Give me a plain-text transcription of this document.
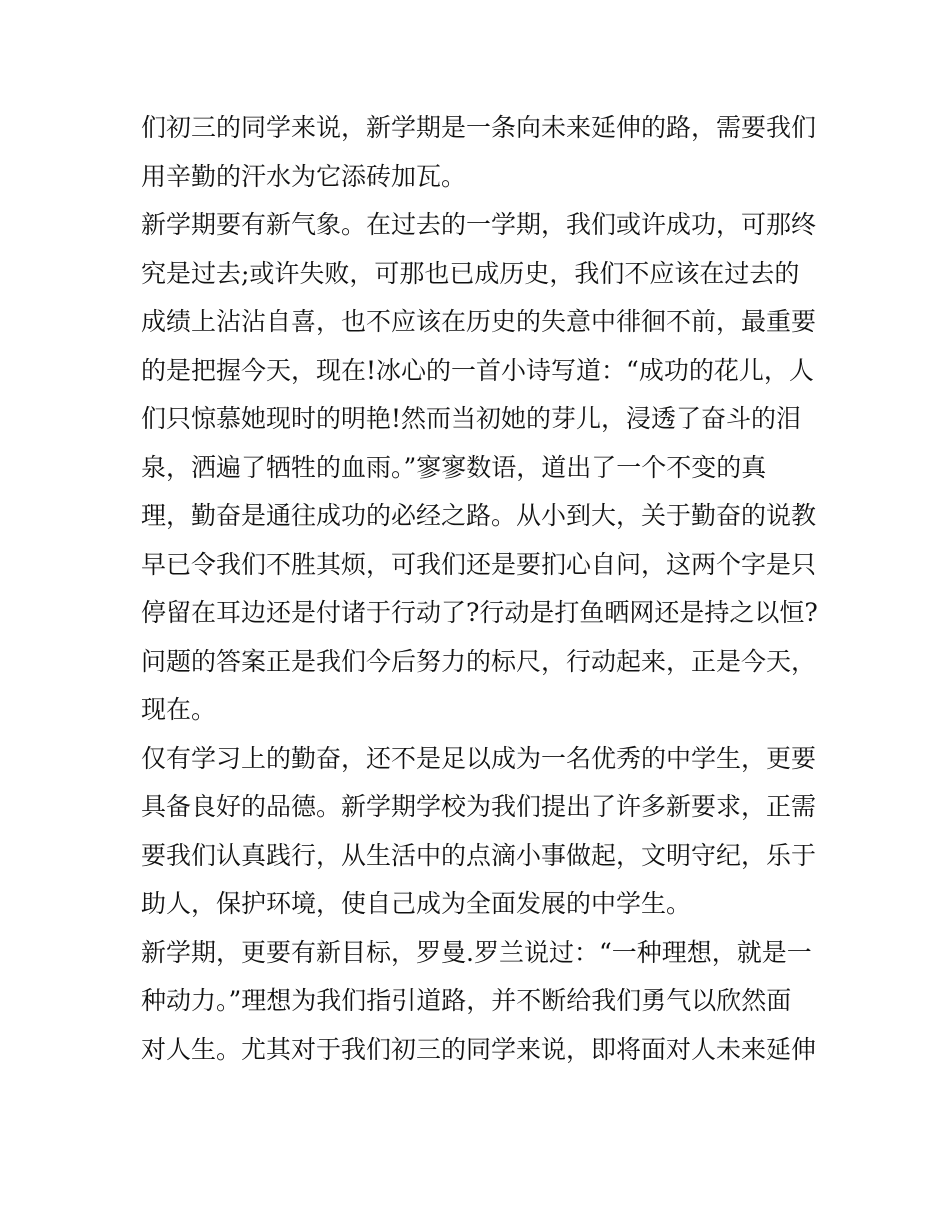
们初三的同学来说，新学期是一条向未来延伸的路，需要我们
用辛勤的汗水为它添砖加瓦。
新学期要有新气象。在过去的一学期，我们或许成功，可那终
究是过去;或许失败，可那也已成历史，我们不应该在过去的
成绩上沾沾自喜，也不应该在历史的失意中徘徊不前，最重要
的是把握今天，现在!冰心的一首小诗写道：“成功的花儿，人
们只惊慕她现时的明艳!然而当初她的芽儿，浸透了奋斗的泪
泉，洒遍了牺牲的血雨。”寥寥数语，道出了一个不变的真
理，勤奋是通往成功的必经之路。从小到大，关于勤奋的说教
早已令我们不胜其烦，可我们还是要扪心自问，这两个字是只
停留在耳边还是付诸于行动了?行动是打鱼晒网还是持之以恒?
问题的答案正是我们今后努力的标尺，行动起来，正是今天，
现在。
仅有学习上的勤奋，还不是足以成为一名优秀的中学生，更要
具备良好的品德。新学期学校为我们提出了许多新要求，正需
要我们认真践行，从生活中的点滴小事做起，文明守纪，乐于
助人，保护环境，使自己成为全面发展的中学生。
新学期，更要有新目标，罗曼.罗兰说过：“一种理想，就是一
种动力。”理想为我们指引道路，并不断给我们勇气以欣然面
对人生。尤其对于我们初三的同学来说，即将面对人未来延伸
